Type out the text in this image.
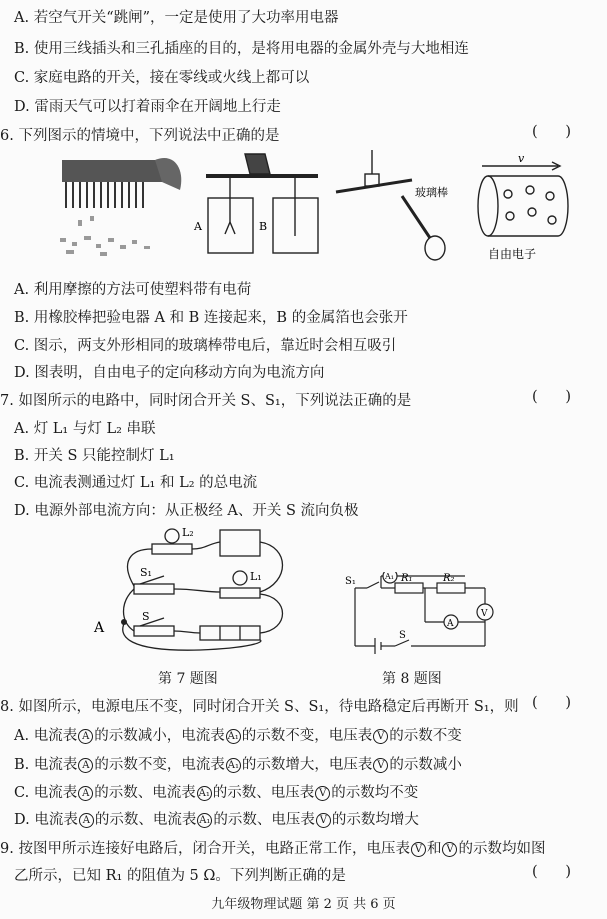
A. 若空气开关“跳闸”，一定是使用了大功率用电器
B. 使用三线插头和三孔插座的目的，是将用电器的金属外壳与大地相连
C. 家庭电路的开关，接在零线或火线上都可以
D. 雷雨天气可以打着雨伞在开阔地上行走
6. 下列图示的情境中，下列说法中正确的是	(      )
A	B
玻璃棒
v
自由电子
A. 利用摩擦的方法可使塑料带有电荷
B. 用橡胶棒把验电器 A 和 B 连接起来，B 的金属箔也会张开
C. 图示，两支外形相同的玻璃棒带电后，靠近时会相互吸引
D. 图表明，自由电子的定向移动方向为电流方向
7. 如图所示的电路中，同时闭合开关 S、S₁，下列说法正确的是	(      )
A. 灯 L₁ 与灯 L₂ 串联
B. 开关 S 只能控制灯 L₁
C. 电流表测通过灯 L₁ 和 L₂ 的总电流
D. 电源外部电流方向：从正极经 A、开关 S 流向负极
L₂
L₁
S₁
S
A
第 7 题图
S₁	A₁ R₁	R₂
V
A
S
第 8 题图
8. 如图所示，电源电压不变，同时闭合开关 S、S₁，待电路稳定后再断开 S₁，则 (      )
A. 电流表 A 的示数减小，电流表 A₁ 的示数不变，电压表 V 的示数不变
B. 电流表 A 的示数不变，电流表 A₁ 的示数增大，电压表 V 的示数减小
C. 电流表 A 的示数、电流表 A₁ 的示数、电压表 V 的示数均不变
D. 电流表 A 的示数、电流表 A₁ 的示数、电压表 V 的示数均增大
9. 按图甲所示连接好电路后，闭合开关，电路正常工作，电压表 V 和 V 的示数均如图
乙所示，已知 R₁ 的阻值为 5 Ω。下列判断正确的是	(      )
九年级物理试题 第 2 页 共 6 页
